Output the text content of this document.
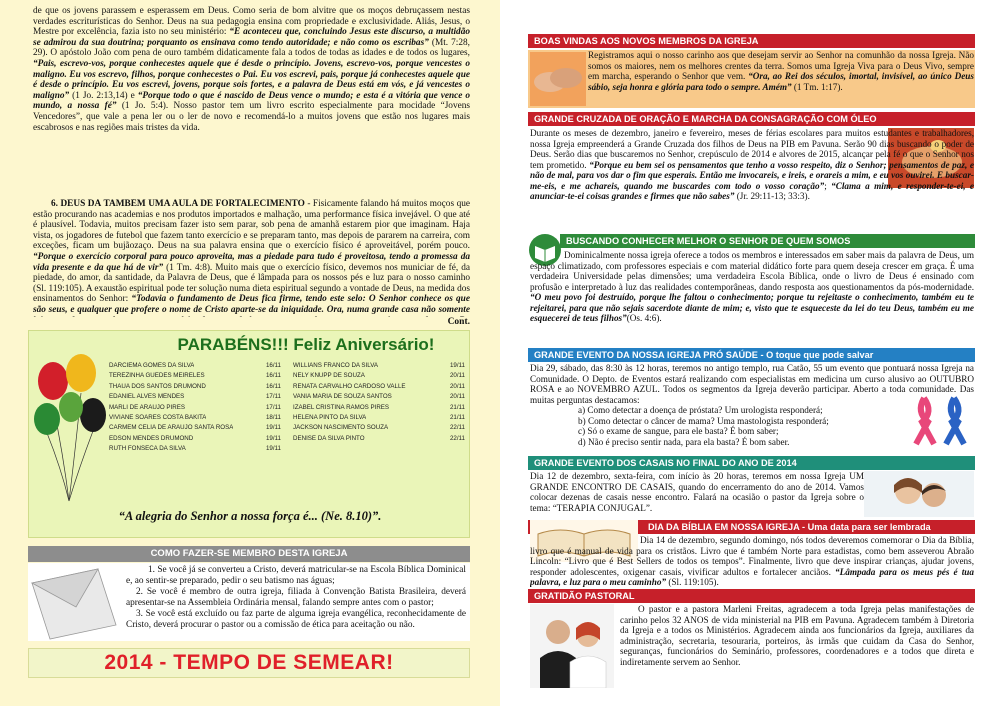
de que os jovens parassem e esperassem em Deus. Como seria de bom alvitre que os moços debruçassem nestas verdades escriturísticas do Senhor. Deus na sua pedagogia ensina com propriedade e exclusividade. Aliás, Jesus, o Mestre por excelência, fazia isto no seu ministério: “E aconteceu que, concluindo Jesus este discurso, a multidão se admirou da sua doutrina; porquanto os ensinava como tendo autoridade; e não como os escribas” (Mt. 7:28, 29). O apóstolo João com pena de ouro também didaticamente fala a todos de todas as idades e de todos os lugares, “Pais, escrevo-vos, porque conhecestes aquele que é desde o princípio. Jovens, escrevo-vos, porque vencestes o maligno. Eu vos escrevo, filhos, porque conhecestes o Pai. Eu vos escrevi, pais, porque já conhecestes aquele que é desde o princípio. Eu vos escrevi, jovens, porque sois fortes, e a palavra de Deus está em vós, e já vencestes o maligno” (1 Jo. 2:13,14) e “Porque todo o que é nascido de Deus vence o mundo; e esta é a vitória que vence o mundo, a nossa fé” (1 Jo. 5:4). Nosso pastor tem um livro escrito especialmente para mocidade “Jovens Vencedores”, que vale a pena ler ou o ler de novo e recomendá-lo a muitos jovens que estão nos lugares mais escabrosos e nas regiões mais tristes da vida.

6. DEUS DÁ TAMBÉM UMA AULA DE FORTALECIMENTO - Fisicamente falando há muitos moços que estão procurando nas academias e nos produtos importados e malhação, uma performance física invejável. O que até é plausível. Todavia, muitos precisam fazer isto sem parar, sob pena de amanhã estarem pior que imaginam. Haja vista, os jogadores de futebol que fazem tanto exercício e se preparam tanto, mas depois de pararem na carreira, com exceções, ficam um bujãozaço. Deus na sua palavra ensina que o exercício físico é aproveitável, porém pouco. “Porque o exercício corporal para pouco aproveita, mas a piedade para tudo é proveitosa, tendo a promessa da vida presente e da que há de vir” (1 Tm. 4:8). Muito mais que o exercício físico, devemos nos municiar de fé, da piedade, do amor, da santidade, da Palavra de Deus, que é lâmpada para os nossos pés e luz para o nosso caminho (Sl. 119:105). A exaustão espiritual pode ter solução numa dieta espiritual segundo a vontade de Deus, na medida dos ensinamentos do Senhor: “Todavia o fundamento de Deus fica firme, tendo este selo: O Senhor conhece os que são seus, e qualquer que profere o nome de Cristo aparte-se da iniquidade. Ora, numa grande casa não somente

Cont.
PARABÉNS!!! Feliz Aniversário!
DARCIEMA GOMES DA SILVA	16/11
TEREZINHA GUEDES MEIRELES	16/11
THAUA DOS SANTOS DRUMOND	16/11
EDANIEL ALVES MENDES	17/11
MARLI DE ARAUJO PIRES	17/11
VIVIANE SOARES COSTA BAKITA	18/11
CARMEM CELIA DE ARAUJO SANTA ROSA	19/11
EDSON MENDES DRUMOND	19/11
RUTH FONSECA DA SILVA	19/11
WILLIANS FRANCO DA SILVA	19/11
NELY KNUPP DE SOUZA	20/11
RENATA CARVALHO CARDOSO VALLE	20/11
VANIA MARIA DE SOUZA SANTOS	20/11
IZABEL CRISTINA RAMOS PIRES	21/11
HELENA PINTO DA SILVA	21/11
JACKSON NASCIMENTO SOUZA	22/11
DENISE DA SILVA PINTO	22/11
“A alegria do Senhor a nossa força é... (Ne. 8.10)”.
COMO FAZER-SE MEMBRO DESTA IGREJA

1. Se você já se converteu a Cristo, deverá matricular-se na Escola Bíblica Dominical e, ao sentir-se preparado, pedir o seu batismo nas águas;

2. Se você é membro de outra igreja, filiada à Convenção Batista Brasileira, deverá apresentar-se na Assembleia Ordinária mensal, falando sempre antes com o pastor;

3. Se você está excluído ou faz parte de alguma igreja evangélica, reconhecidamente de Cristo, deverá procurar o pastor ou a comissão de ética para aceitação ou não.

2014 - TEMPO DE SEMEAR!
BOAS VINDAS AOS NOVOS MEMBROS DA IGREJA
Registramos aqui o nosso carinho aos que desejam servir ao Senhor na comunhão da nossa Igreja. Não somos os maiores, nem os melhores crentes da terra. Somos uma Igreja Viva para o Deus Vivo, sempre em marcha, esperando o Senhor que vem. “Ora, ao Rei dos séculos, imortal, invisível, ao único Deus sábio, seja honra e glória para todo o sempre. Amém” (1 Tm. 1:17).
GRANDE CRUZADA DE ORAÇÃO E MARCHA DA CONSAGRAÇÃO COM ÓLEO
Durante os meses de dezembro, janeiro e fevereiro, meses de férias escolares para muitos estudantes e trabalhadores, nossa Igreja empreenderá a Grande Cruzada dos filhos de Deus na PIB em Pavuna. Serão 90 dias buscando o poder de Deus. Serão dias que buscaremos no Senhor, crepúsculo de 2014 e alvores de 2015, alcançar pela fé o que o Senhor nos tem prometido. “Porque eu bem sei os pensamentos que tenho a vosso respeito, diz o Senhor; pensamentos de paz, e não de mal, para vos dar o fim que esperais. Então me invocareis, e ireis, e orareis a mim, e eu vos ouvirei. E buscar-me-eis, e me achareis, quando me buscardes com todo o vosso coração”; “Clama a mim, e responder-te-ei, e anunciar-te-ei coisas grandes e firmes que não sabes” (Jr. 29:11-13; 33:3).
BUSCANDO CONHECER MELHOR O SENHOR DE QUEM SOMOS
Dominicalmente nossa igreja oferece a todos os membros e interessados em saber mais da palavra de Deus, um espaço climatizado, com professores especiais e com material didático forte para quem deseja crescer em graça. É uma verdadeira Universidade pelas dimensões; uma verdadeira Escola Bíblica, onde o livro de Deus é ensinado com profusão e interpretado à luz das realidades contemporâneas, dando resposta aos questionamentos da pós-modernidade. “O meu povo foi destruído, porque lhe faltou o conhecimento; porque tu rejeitaste o conhecimento, também eu te rejeitarei, para que não sejais sacerdote diante de mim; e, visto que te esqueceste da lei do teu Deus, também eu me esquecerei de teus filhos”(Os. 4:6).
GRANDE EVENTO DA NOSSA IGREJA PRÓ SAÚDE - O toque que pode salvar

Dia 29, sábado, das 8:30 às 12 horas, teremos no antigo templo, rua Catão, 55 um evento que pontuará nossa Igreja na Comunidade. O Depto. de Eventos estará realizando com especialistas em medicina um curso alusivo ao OUTUBRO ROSA e ao NOVEMBRO AZUL. Todos os segmentos da Igreja deverão participar. Aberto a toda comunidade. Das muitas perguntas destacamos:

a) Como detectar a doença de próstata? Um urologista responderá;

b) Como detectar o câncer de mama? Uma mastologista responderá;

c) Só o exame de sangue, para ele basta? É bom saber;

d) Não é preciso sentir nada, para ela basta? É bom saber.

GRANDE EVENTO DOS CASAIS NO FINAL DO ANO DE 2014
Dia 12 de dezembro, sexta-feira, com início às 20 horas, teremos em nossa Igreja UM GRANDE ENCONTRO DE CASAIS, quando do encerramento do ano de 2014. Vamos colocar dezenas de casais nesse encontro. Falará na ocasião o pastor da Igreja sobre o tema: “TERAPIA CONJUGAL”.
DIA DA BÍBLIA EM NOSSA IGREJA - Uma data para ser lembrada
Dia 14 de dezembro, segundo domingo, nós todos deveremos comemorar o Dia da Bíblia, livro que é manual de vida para os cristãos. Livro que é também Norte para estadistas, como bem asseverou Abraão Lincoln: “Livro que é Best Sellers de todos os tempos”. Finalmente, livro que deve inspirar crianças, ajudar jovens, responder adolescentes, oxigenar casais, vivificar adultos e fortalecer anciãos. “Lâmpada para os meus pés é tua palavra, e luz para o meu caminho” (Sl. 119:105).
GRATIDÃO PASTORAL
O pastor e a pastora Marleni Freitas, agradecem a toda Igreja pelas manifestações de carinho pelos 32 ANOS de vida ministerial na PIB em Pavuna. Agradecem também à Diretoria da Igreja e a todos os Ministérios. Agradecem ainda aos funcionários da Igreja, auxiliares da administração, secretaria, tesouraria, porteiros, às irmãs que cuidam da Casa do Senhor, seguranças, funcionários do Seminário, professores, coordenadores e a todos que direta e indiretamente servem ao Senhor.
